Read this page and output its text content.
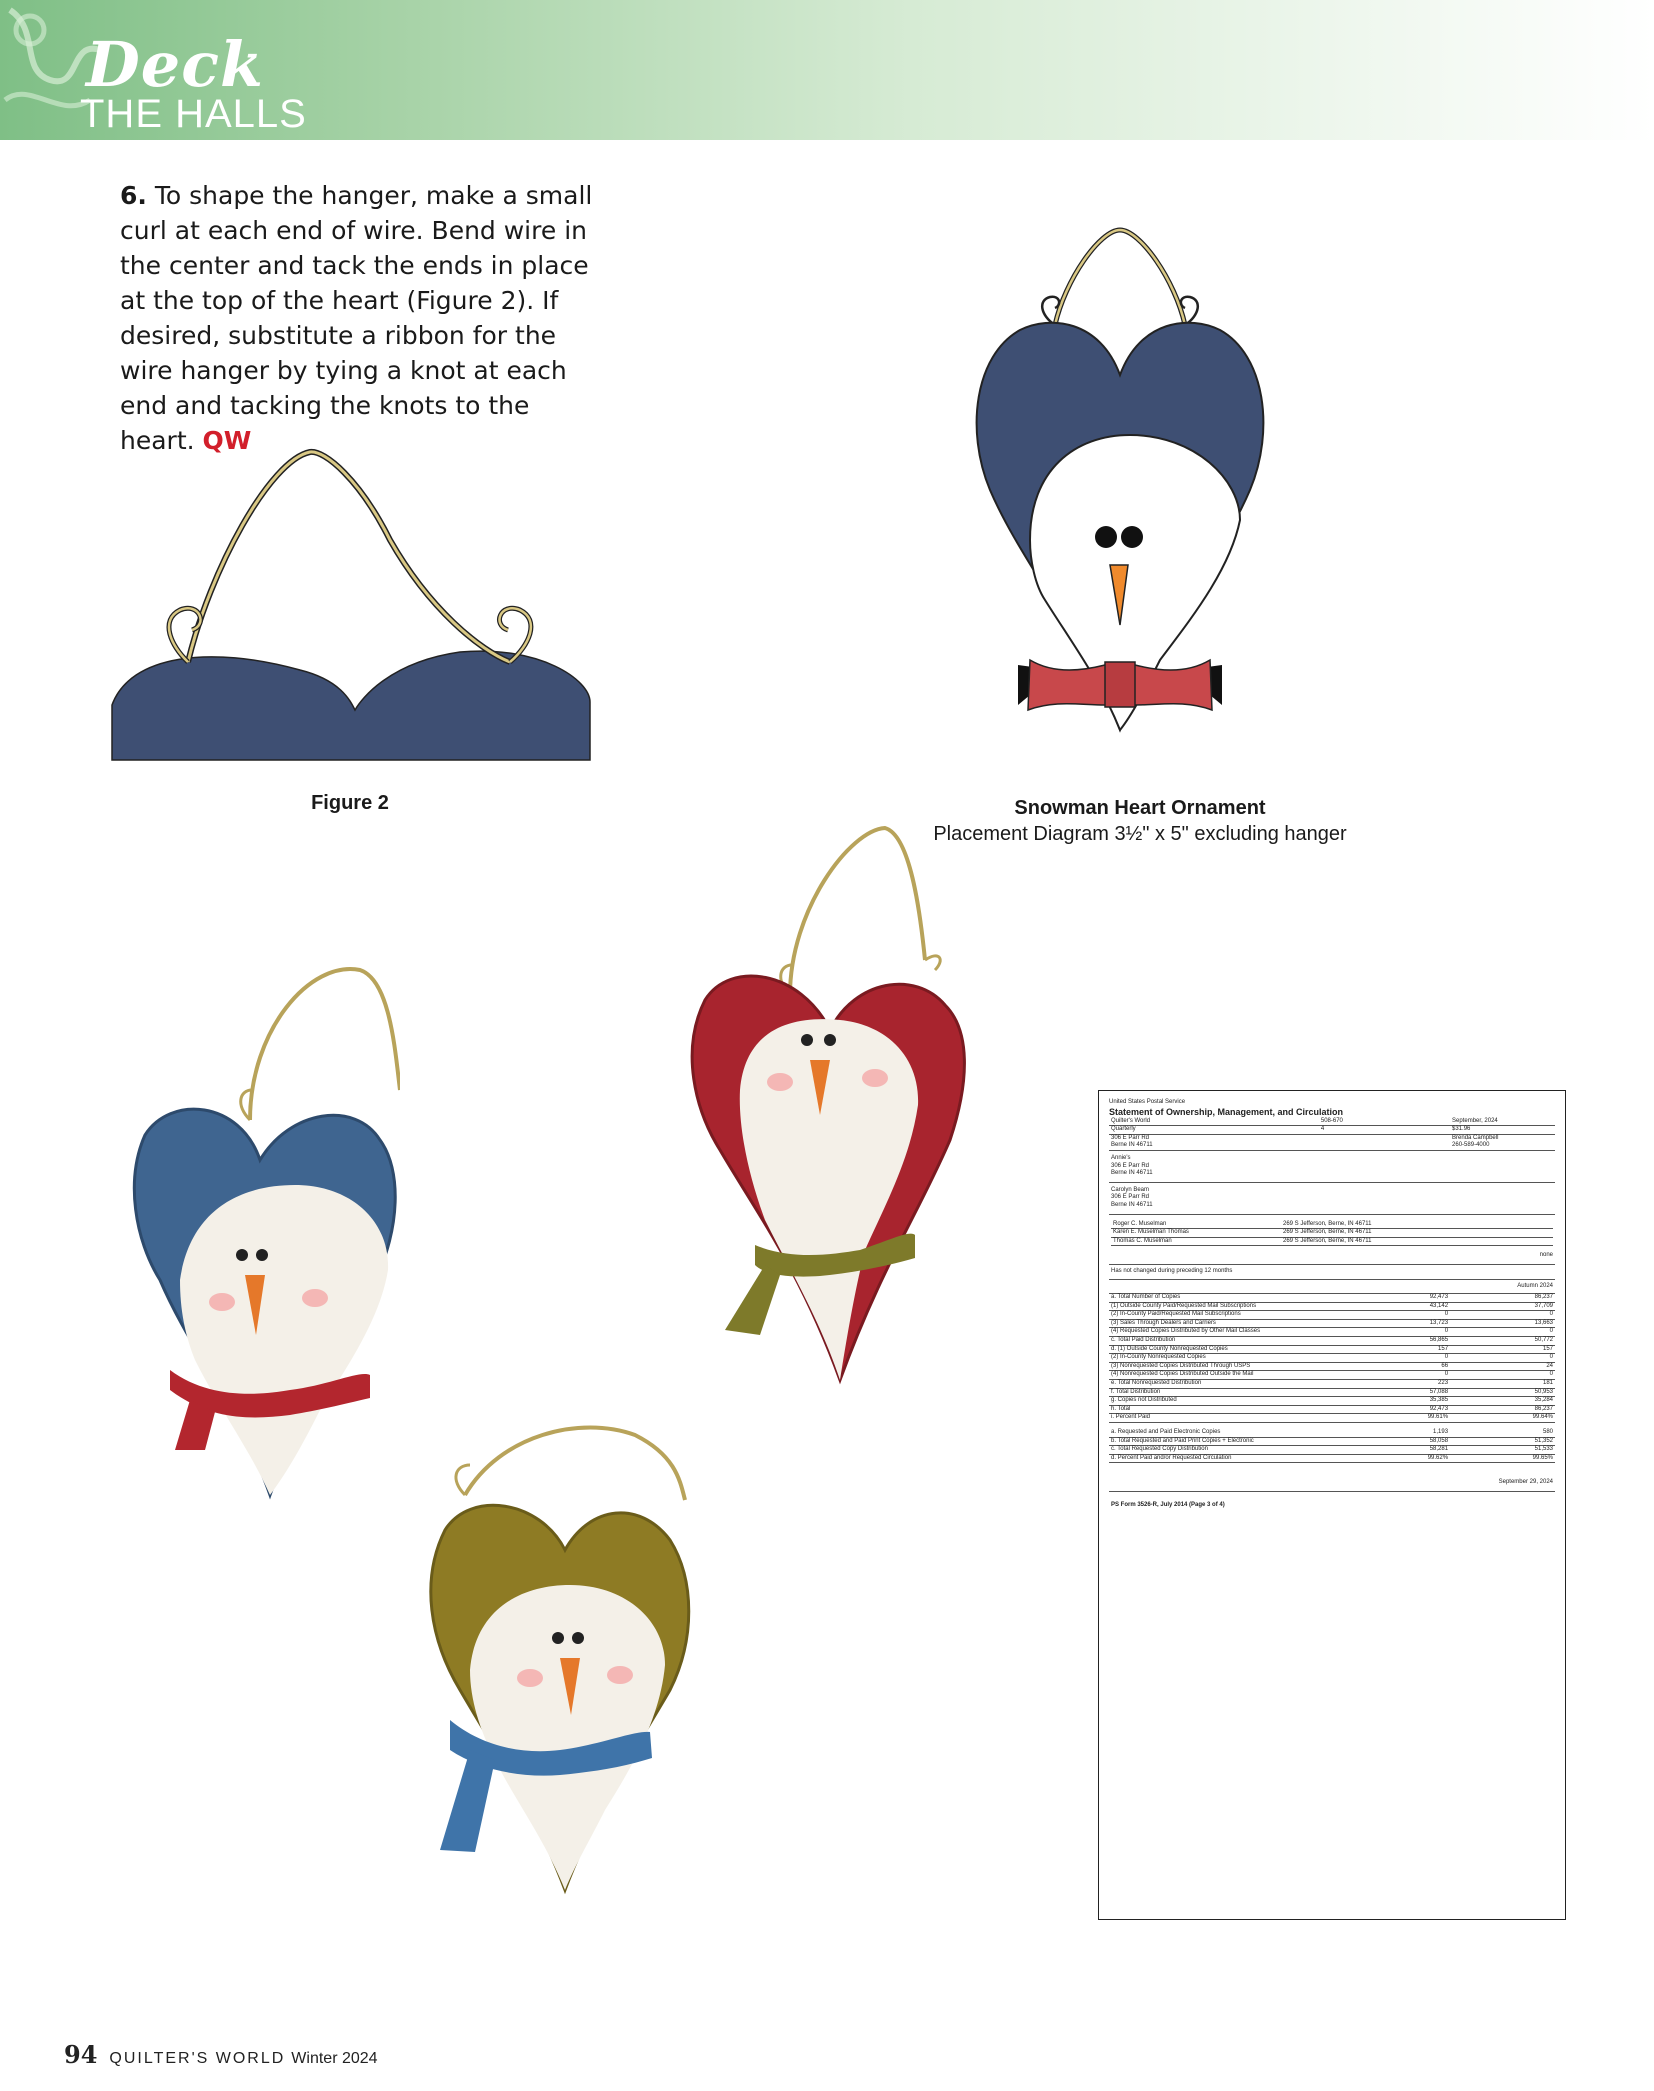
Deck
THE HALLS
6. To shape the hanger, make a small curl at each end of wire. Bend wire in the center and tack the ends in place at the top of the heart (Figure 2). If desired, substitute a ribbon for the wire hanger by tying a knot at each end and tacking the knots to the heart. QW
Figure 2	Snowman Heart Ornament
Placement Diagram 3½" x 5" excluding hanger
United States Postal Service
Statement of Ownership, Management, and Circulation
Quilter's World	508-670	September, 2024
Quarterly	4	$31.96
306 E Parr Rd
Berne IN 46711
Brenda Campbell
260-589-4000
Annie's
306 E Parr Rd
Berne IN 46711
Carolyn Beam
306 E Parr Rd
Berne IN 46711
Roger C. Muselman	269 S Jefferson, Berne, IN 46711
Karen E. Muselman Thomas	269 S Jefferson, Berne, IN 46711
Thomas C. Muselman	269 S Jefferson, Berne, IN 46711
none
Has not changed during preceding 12 months
Autumn 2024
a. Total Number of Copies	92,473	86,237
(1) Outside County Paid/Requested Mail Subscriptions	43,142	37,709
(2) In-County Paid/Requested Mail Subscriptions	0	0
(3) Sales Through Dealers and Carriers	13,723	13,663
(4) Requested Copies Distributed by Other Mail Classes	0	0
c. Total Paid Distribution	56,865	50,772
d. (1) Outside County Nonrequested Copies	157	157
(2) In-County Nonrequested Copies	0	0
(3) Nonrequested Copies Distributed Through USPS	66	24
(4) Nonrequested Copies Distributed Outside the Mail	0	0
e. Total Nonrequested Distribution	223	181
f. Total Distribution	57,088	50,953
g. Copies not Distributed	35,385	35,284
h. Total	92,473	86,237
i. Percent Paid	99.61%	99.64%
a. Requested and Paid Electronic Copies	1,193	580
b. Total Requested and Paid Print Copies + Electronic	58,058	51,352
c. Total Requested Copy Distribution	58,281	51,533
d. Percent Paid and/or Requested Circulation	99.62%	99.65%
September 29, 2024
PS Form 3526-R, July 2014 (Page 3 of 4)
94 QUILTER'S WORLD Winter 2024
